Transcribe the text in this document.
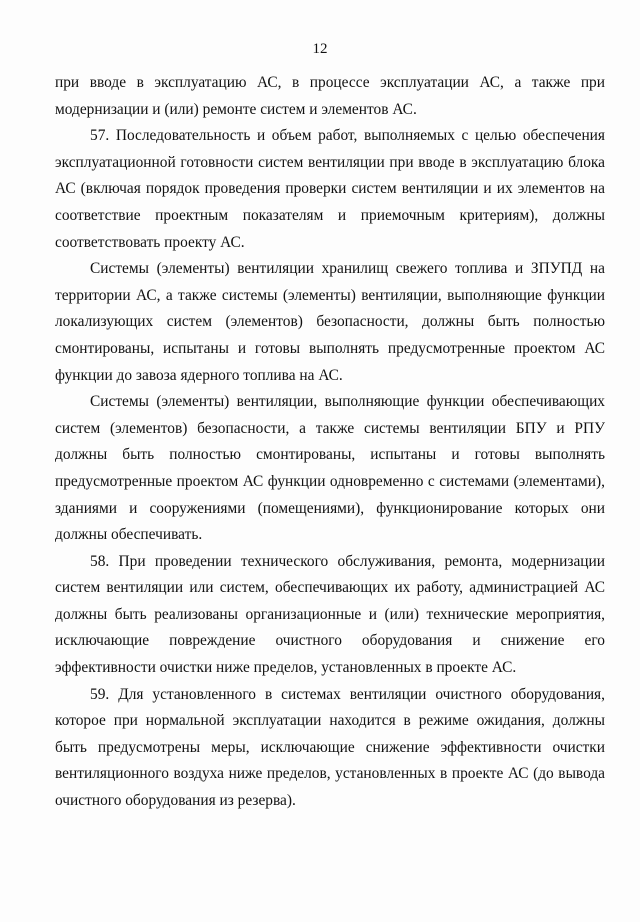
12

при вводе в эксплуатацию АС, в процессе эксплуатации АС, а также при модернизации и (или) ремонте систем и элементов АС.

57. Последовательность и объем работ, выполняемых с целью обеспечения эксплуатационной готовности систем вентиляции при вводе в эксплуатацию блока АС (включая порядок проведения проверки систем вентиляции и их элементов на соответствие проектным показателям и приемочным критериям), должны соответствовать проекту АС.

Системы (элементы) вентиляции хранилищ свежего топлива и ЗПУПД на территории АС, а также системы (элементы) вентиляции, выполняющие функции локализующих систем (элементов) безопасности, должны быть полностью смонтированы, испытаны и готовы выполнять предусмотренные проектом АС функции до завоза ядерного топлива на АС.

Системы (элементы) вентиляции, выполняющие функции обеспечивающих систем (элементов) безопасности, а также системы вентиляции БПУ и РПУ должны быть полностью смонтированы, испытаны и готовы выполнять предусмотренные проектом АС функции одновременно с системами (элементами), зданиями и сооружениями (помещениями), функционирование которых они должны обеспечивать.

58. При проведении технического обслуживания, ремонта, модернизации систем вентиляции или систем, обеспечивающих их работу, администрацией АС должны быть реализованы организационные и (или) технические мероприятия, исключающие повреждение очистного оборудования и снижение его эффективности очистки ниже пределов, установленных в проекте АС.

59. Для установленного в системах вентиляции очистного оборудования, которое при нормальной эксплуатации находится в режиме ожидания, должны быть предусмотрены меры, исключающие снижение эффективности очистки вентиляционного воздуха ниже пределов, установленных в проекте АС (до вывода очистного оборудования из резерва).
